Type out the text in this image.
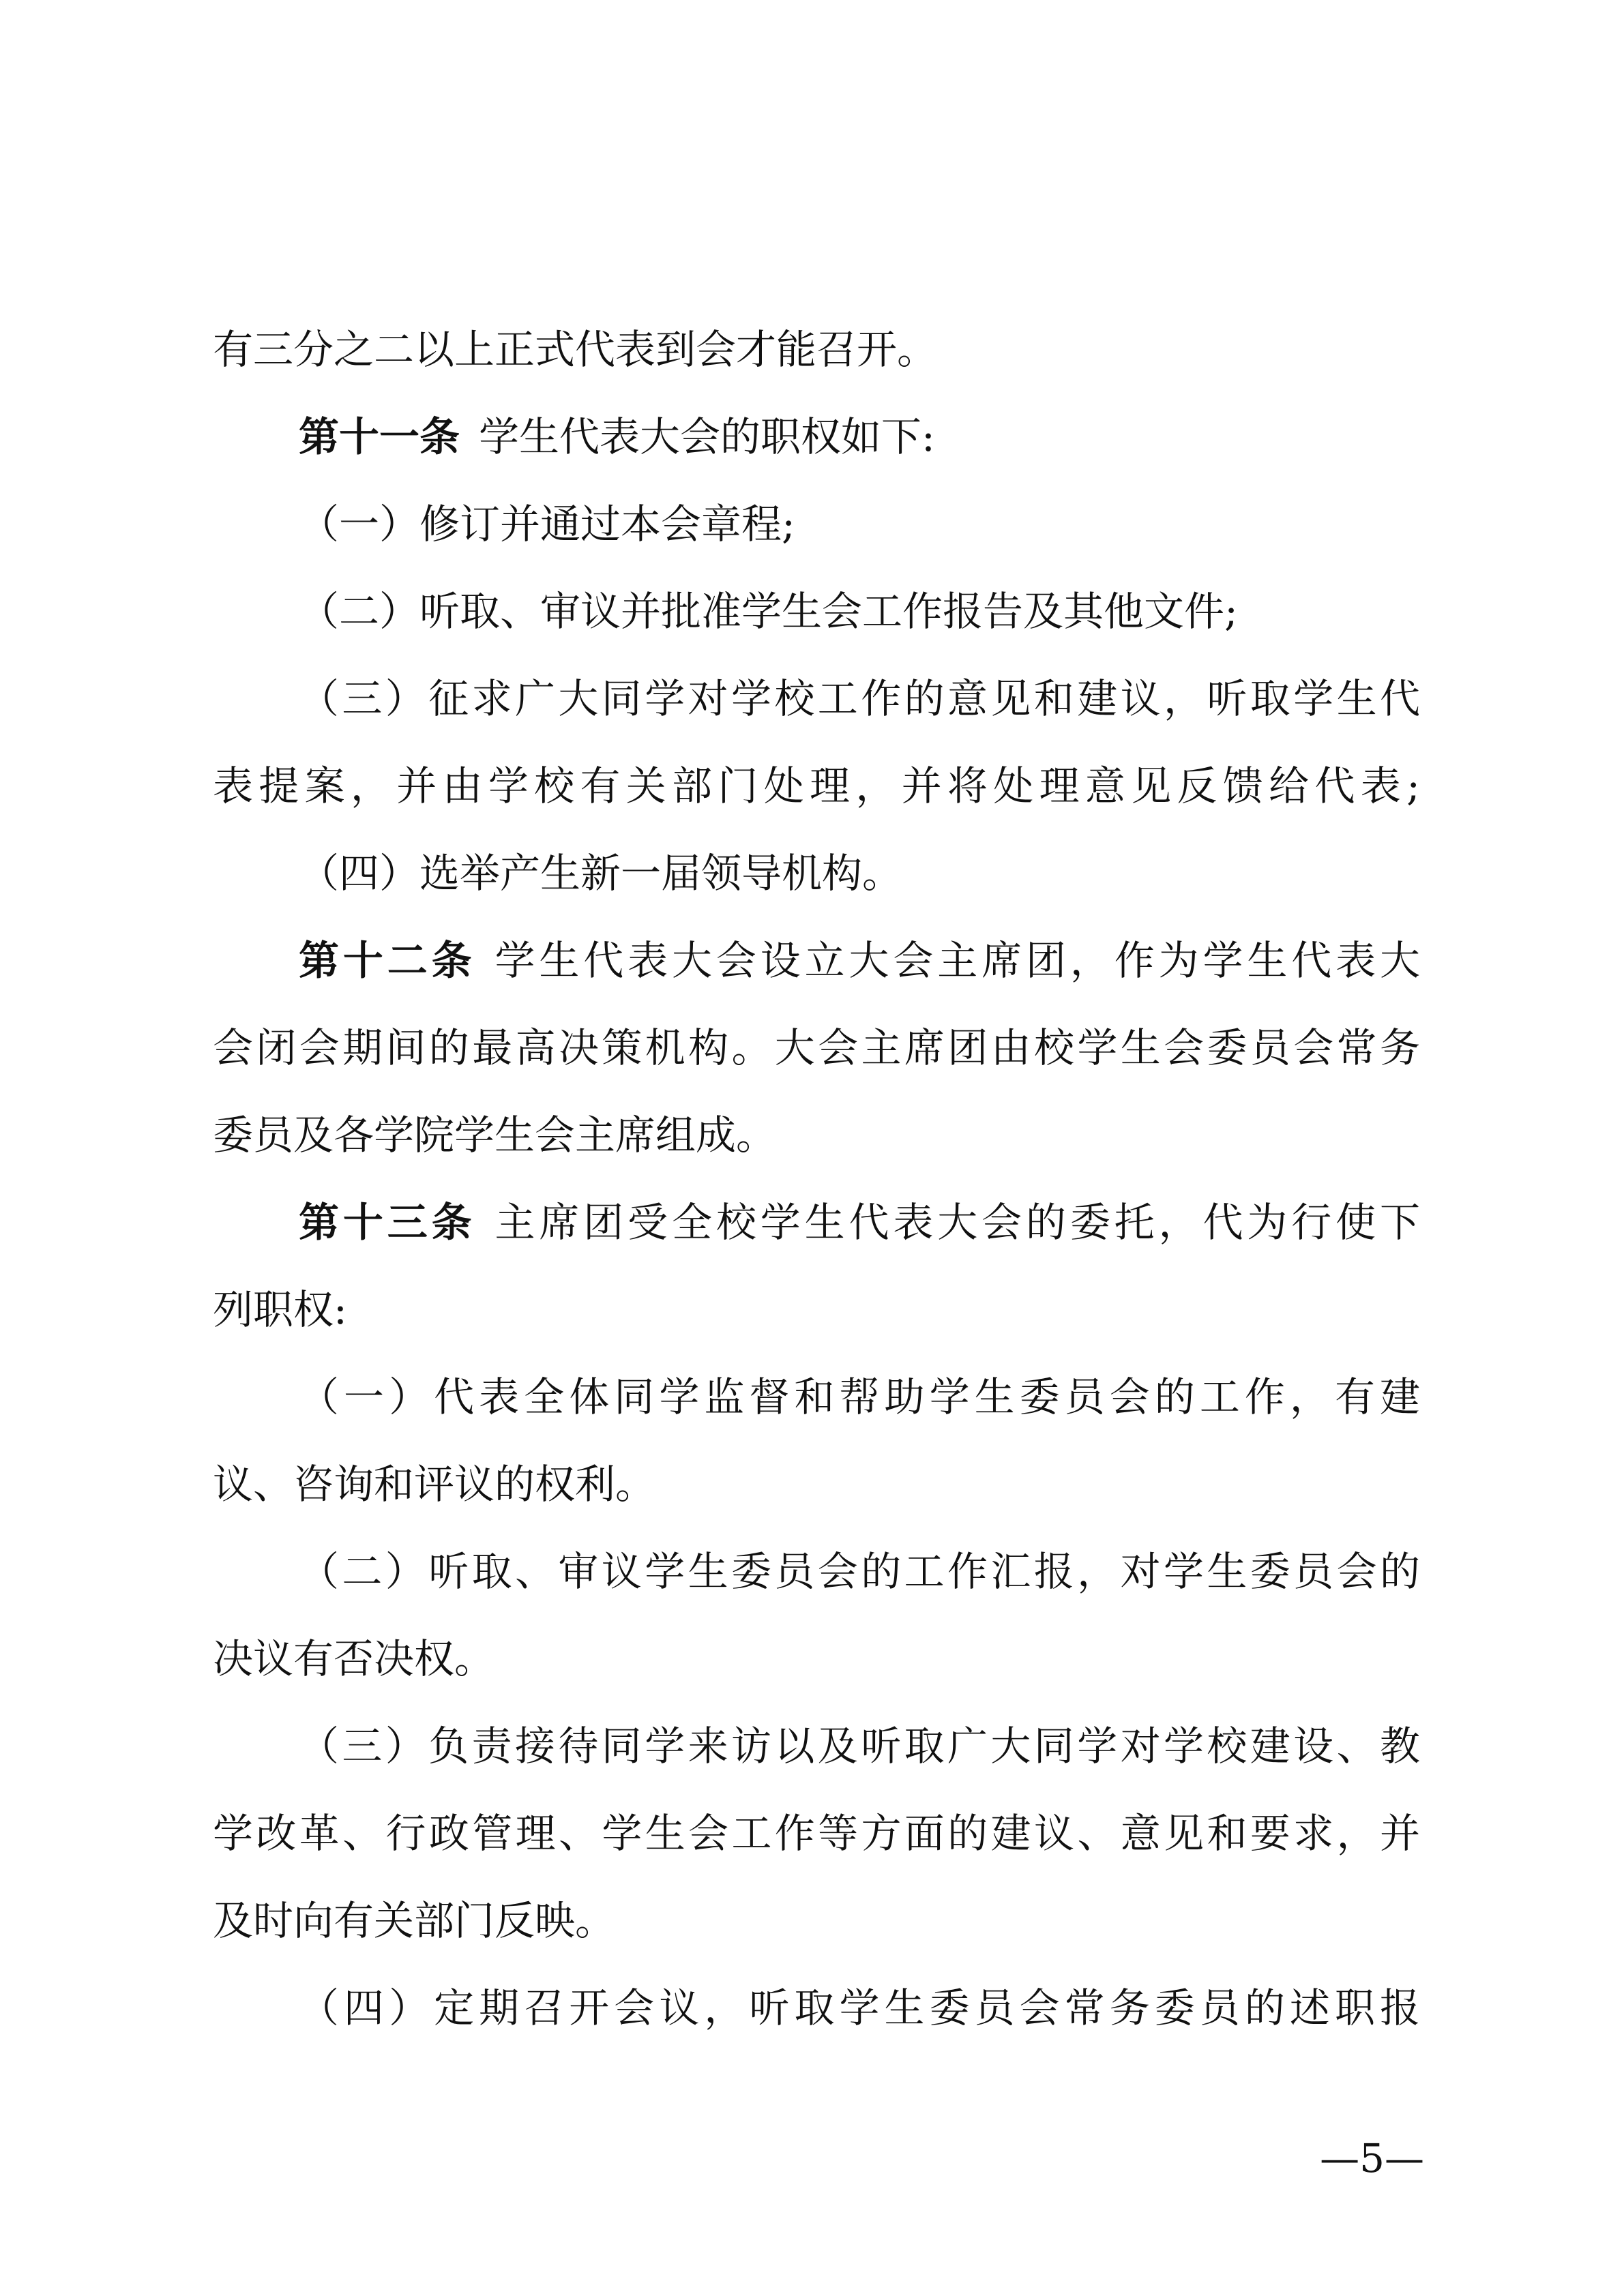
有三分之二以上正式代表到会才能召开。
第十一条 学生代表大会的职权如下:
（一）修订并通过本会章程;
（二）听取、审议并批准学生会工作报告及其他文件;
（三）征求广大同学对学校工作的意见和建议，听取学生代
表提案，并由学校有关部门处理，并将处理意见反馈给代表;
（四）选举产生新一届领导机构。
第十二条 学生代表大会设立大会主席团，作为学生代表大
会闭会期间的最高决策机构。大会主席团由校学生会委员会常务
委员及各学院学生会主席组成。
第十三条 主席团受全校学生代表大会的委托，代为行使下
列职权:
（一）代表全体同学监督和帮助学生委员会的工作，有建
议、咨询和评议的权利。
（二）听取、审议学生委员会的工作汇报，对学生委员会的
决议有否决权。
（三）负责接待同学来访以及听取广大同学对学校建设、教
学改革、行政管理、学生会工作等方面的建议、意见和要求，并
及时向有关部门反映。
（四）定期召开会议，听取学生委员会常务委员的述职报
—5—
